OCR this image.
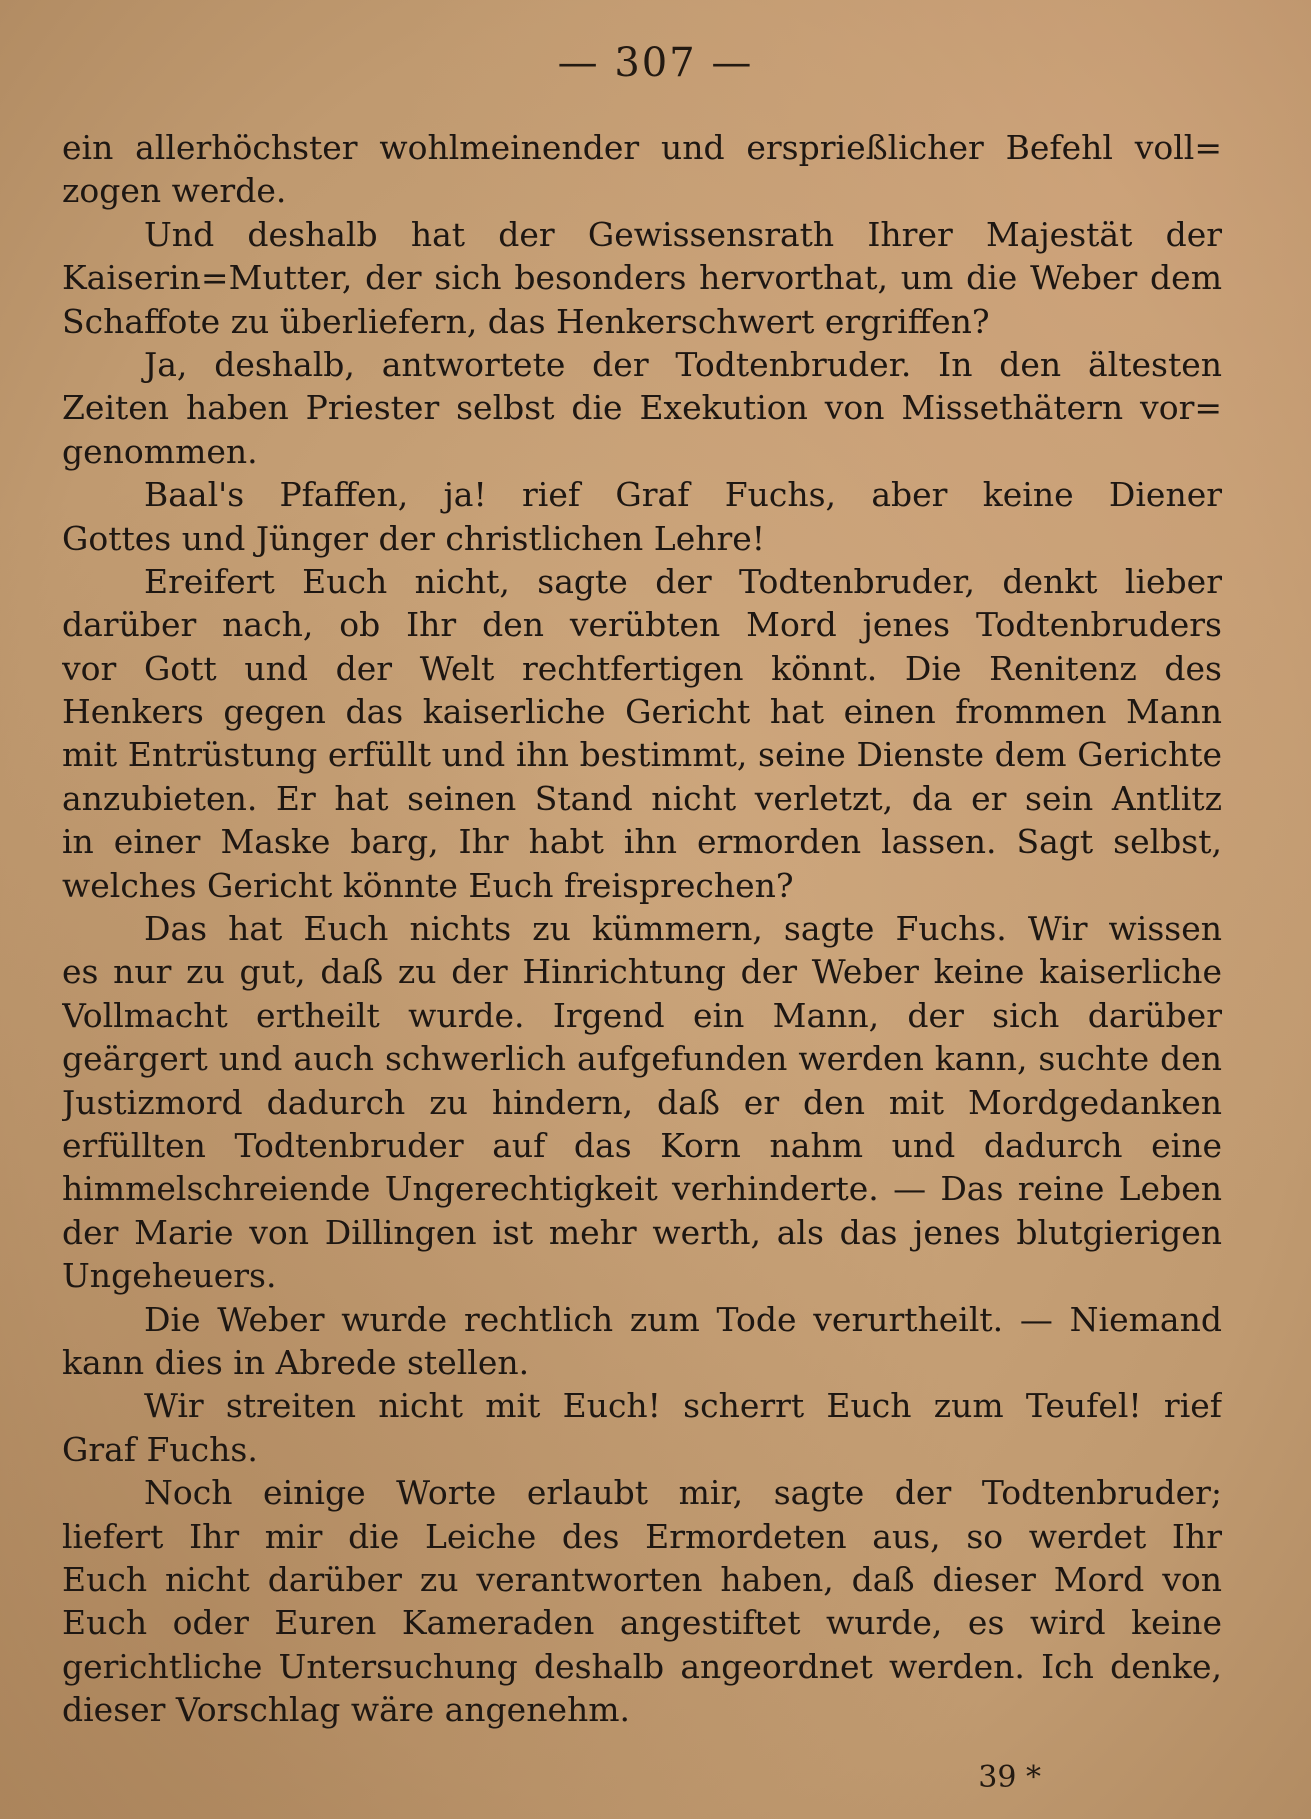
— 307 —
ein allerhöchster wohlmeinender und ersprießlicher Befehl voll=
zogen werde.
Und deshalb hat der Gewissensrath Ihrer Majestät der
Kaiserin=Mutter, der sich besonders hervorthat, um die Weber dem
Schaffote zu überliefern, das Henkerschwert ergriffen?
Ja, deshalb, antwortete der Todtenbruder. In den ältesten
Zeiten haben Priester selbst die Exekution von Missethätern vor=
genommen.
Baal's Pfaffen, ja! rief Graf Fuchs, aber keine Diener
Gottes und Jünger der christlichen Lehre!
Ereifert Euch nicht, sagte der Todtenbruder, denkt lieber
darüber nach, ob Ihr den verübten Mord jenes Todtenbruders
vor Gott und der Welt rechtfertigen könnt. Die Renitenz des
Henkers gegen das kaiserliche Gericht hat einen frommen Mann
mit Entrüstung erfüllt und ihn bestimmt, seine Dienste dem Gerichte
anzubieten. Er hat seinen Stand nicht verletzt, da er sein Antlitz
in einer Maske barg, Ihr habt ihn ermorden lassen. Sagt selbst,
welches Gericht könnte Euch freisprechen?
Das hat Euch nichts zu kümmern, sagte Fuchs. Wir wissen
es nur zu gut, daß zu der Hinrichtung der Weber keine kaiserliche
Vollmacht ertheilt wurde. Irgend ein Mann, der sich darüber
geärgert und auch schwerlich aufgefunden werden kann, suchte den
Justizmord dadurch zu hindern, daß er den mit Mordgedanken
erfüllten Todtenbruder auf das Korn nahm und dadurch eine
himmelschreiende Ungerechtigkeit verhinderte. — Das reine Leben
der Marie von Dillingen ist mehr werth, als das jenes blutgierigen
Ungeheuers.
Die Weber wurde rechtlich zum Tode verurtheilt. — Niemand
kann dies in Abrede stellen.
Wir streiten nicht mit Euch! scherrt Euch zum Teufel! rief
Graf Fuchs.
Noch einige Worte erlaubt mir, sagte der Todtenbruder;
liefert Ihr mir die Leiche des Ermordeten aus, so werdet Ihr
Euch nicht darüber zu verantworten haben, daß dieser Mord von
Euch oder Euren Kameraden angestiftet wurde, es wird keine
gerichtliche Untersuchung deshalb angeordnet werden. Ich denke,
dieser Vorschlag wäre angenehm.
39 *
